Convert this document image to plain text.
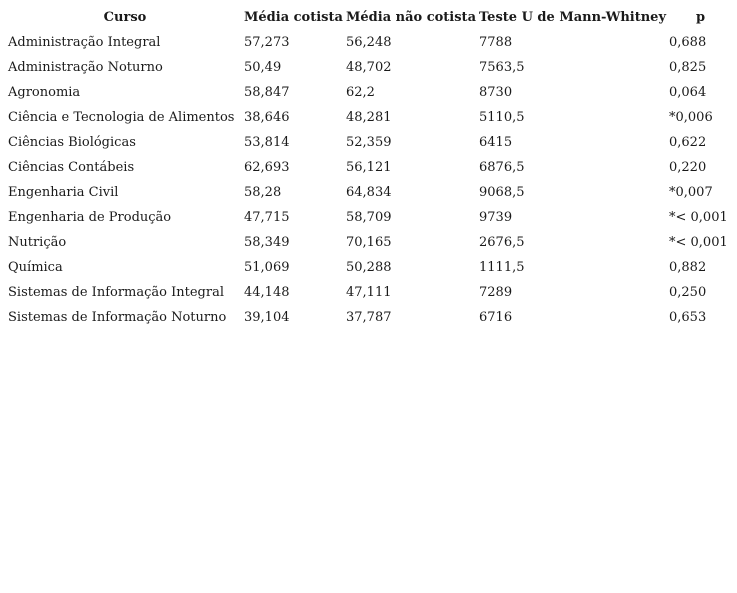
Curso	Média cotista	Média não cotista	Teste U de Mann-Whitney	p
Administração Integral	57,273	56,248	7788	0,688
Administração Noturno	50,49	48,702	7563,5	0,825
Agronomia	58,847	62,2	8730	0,064
Ciência e Tecnologia de Alimentos	38,646	48,281	5110,5	*0,006
Ciências Biológicas	53,814	52,359	6415	0,622
Ciências Contábeis	62,693	56,121	6876,5	0,220
Engenharia Civil	58,28	64,834	9068,5	*0,007
Engenharia de Produção	47,715	58,709	9739	*< 0,001
Nutrição	58,349	70,165	2676,5	*< 0,001
Química	51,069	50,288	1111,5	0,882
Sistemas de Informação Integral	44,148	47,111	7289	0,250
Sistemas de Informação Noturno	39,104	37,787	6716	0,653
